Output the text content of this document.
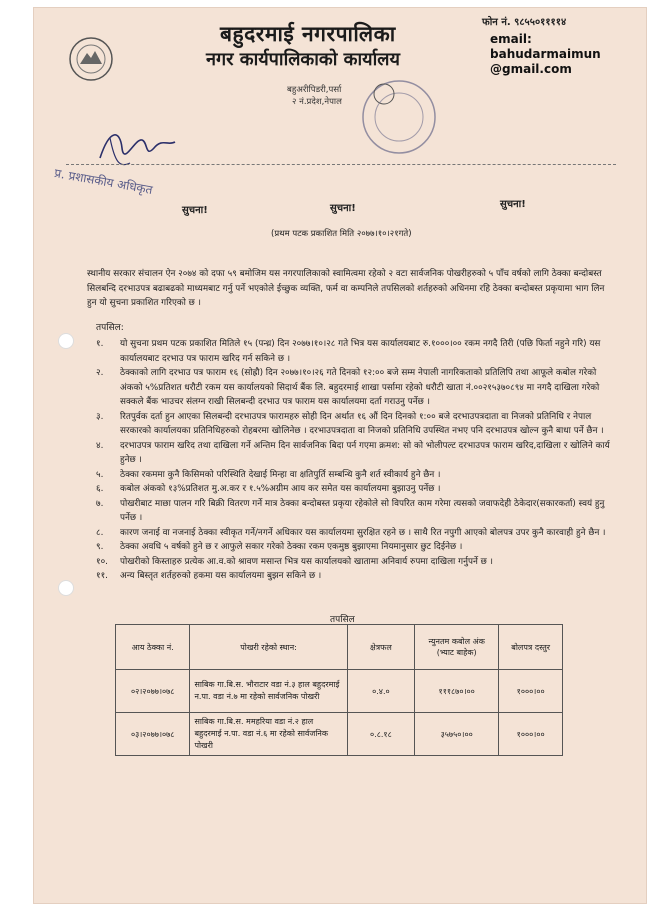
बहुदरमाई नगरपालिका
नगर कार्यपालिकाको कार्यालय
बहुअरीपिडरी,पर्सा
२ नं.प्रदेश,नेपाल
फोन नं. ९८५५०११११४
email:
bahudarmaimun
@gmail.com
प्र. प्रशासकीय अधिकृत
सुचना!	सुचना!	सुचना!
(प्रथम पटक प्रकाशित मिति २०७७।१०।२१गते)
स्थानीय सरकार संचालन ऐन २०७४ को दफा ५९ बमोजिम यस नगरपालिकाको स्वामित्वमा रहेको २ वटा सार्वजनिक पोखरीहरुको ५ पाँच वर्षको लागि ठेक्का बन्दोबस्त सिलबन्दि दरभाउपत्र बढाबढको माध्यमबाट गर्नु पर्ने भएकोले ईच्छुक व्यक्ति, फर्म वा कम्पनिले तपसिलको शर्तहरुको अधिनमा रहि ठेक्का बन्दोबस्त प्रकृयामा भाग लिन हुन यो सुचना प्रकाशित गरिएको छ ।
तपसिल:

१. यो सुचना प्रथम पटक प्रकाशित मितिले १५ (पन्ध्र) दिन २०७७।१०।२८ गते भित्र यस कार्यालयबाट रु.१०००।०० रकम नगदै तिरी (पछि फिर्ता नहुने गरि) यस कार्यालयबाट दरभाउ पत्र फाराम खरिद गर्न सकिने छ ।

२. ठेक्काको लागि दरभाउ पत्र फाराम १६ (सोह्रौ) दिन २०७७।१०।२६ गते दिनको १२:०० बजे सम्म नेपाली नागरिकताको प्रतिलिपि तथा आफूले कबोल गरेको अंकको ५%प्रतिशत धरौटी रकम यस कार्यालयको सिदार्थ बैंक लि. बहुदरमाई शाखा पर्सामा रहेको धरौटी खाता नं.००२१५३७०८९४ मा नगदै दाखिला गरेको सक्कले बैंक भाउचर संलग्न राखी सिलबन्दी दरभाउ पत्र फाराम यस कार्यालयमा दर्ता गराउनु पर्नेछ ।

३. रितपुर्वक दर्ता हुन आएका सिलबन्दी दरभाउपत्र फारामहरु सोही दिन अर्थात १६ औं दिन दिनको १:०० बजे दरभाउपत्रदाता वा निजको प्रतिनिधि र नेपाल सरकारको कार्यालयका प्रतिनिधिहरुको रोहबरमा खोलिनेछ । दरभाउपत्रदाता वा निजको प्रतिनिधि उपस्थित नभए पनि दरभाउपत्र खोल्न कुनै बाधा पर्ने छैन ।

४. दरभाउपत्र फाराम खरिद तथा दाखिला गर्ने अन्तिम दिन सार्वजनिक बिदा पर्न गएमा क्रमश: सो को भोलीपल्ट दरभाउपत्र फाराम खरिद,दाखिला र खोलिने कार्य हुनेछ ।

५. ठेक्का रकममा कुनै किसिमको परिस्थिति देखाई मिन्हा वा क्षतिपुर्ति सम्बन्धि कुनै शर्त स्वीकार्य हुने छैन ।

६. कबोल अंकको १३%प्रतिशत मु.अ.कर र १.५%अग्रीम आय कर समेत यस कार्यालयमा बुझाउनु पर्नेछ ।

७. पोखरीबाट माछा पालन गरि बिक्री वितरण गर्ने मात्र ठेक्का बन्दोबस्त प्रकृया रहेकोले सो विपरित काम गरेमा त्यसको जवाफदेही ठेकेदार(सकारकर्ता) स्वयं हुनु पर्नेछ ।

८. कारण जनाई वा नजनाई ठेक्का स्वीकृत गर्ने/नगर्ने अधिकार यस कार्यालयमा सुरक्षित रहने छ । साथै रित नपुगी आएको बोलपत्र उपर कुनै कारवाही हुने छैन ।

९. ठेक्का अवधि ५ वर्षको हुने छ र आफुले सकार गरेको ठेक्का रकम एकमुष्ठ बुझाएमा नियमानुसार छुट दिईनेछ ।

१०. पोखरीको किस्ताहरु प्रत्येक आ.व.को श्रावण मसान्त भित्र यस कार्यालयको खातामा अनिवार्य रुपमा दाखिला गर्नुपर्ने छ ।

११. अन्य बिस्तृत शर्तहरुको हकमा यस कार्यालयमा बुझन सकिने छ ।

तपसिल
आय ठेक्का नं.	पोखरी रहेको स्थान:	क्षेत्रफल	न्युनतम कबोल अंक (भ्याट बाहेक)	बोलपत्र दस्तुर
०२।२०७७।०७८	साबिक गा.बि.स. भौराटार वडा नं.३ हाल बहुदरमाई न.पा. वडा नं.७ मा रहेको सार्वजनिक पोखरी	०.४.०	१११८७०।००	१०००।००
०३।२०७७।०७८	साबिक गा.बि.स. ममहरिया वडा नं.२ हाल बहुदरमाई न.पा. वडा नं.६ मा रहेको सार्वजनिक पोखरी	०.८.१८	३५७५०।००	१०००।००
